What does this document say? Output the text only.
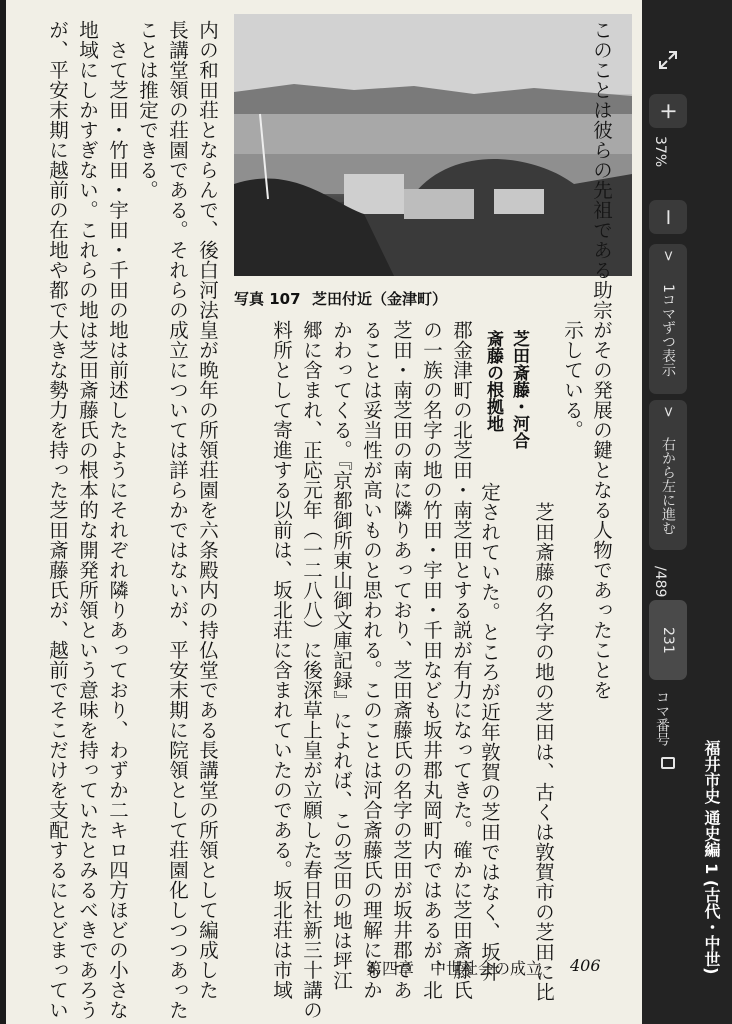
写真 107 芝田付近（金津町）	このことは彼らの先祖である助宗がその発展の鍵となる人物であったことを
示している。
芝田斎藤・河合
斎藤の根拠地
　芝田斎藤の名字の地の芝田は、古くは敦賀市の芝田に比
定されていた。ところが近年敦賀の芝田ではなく、坂井
郡金津町の北芝田・南芝田とする説が有力になってきた。確かに芝田斎藤氏
の一族の名字の地の竹田・宇田・千田なども坂井郡丸岡町内ではあるが、北
芝田・南芝田の南に隣りあっており、芝田斎藤氏の名字の芝田が坂井郡であ
ることは妥当性が高いものと思われる。このことは河合斎藤氏の理解にもか
かわってくる。『京都御所東山御文庫記録』によれば、この芝田の地は坪江
郷に含まれ、正応元年（一二八八）に後深草上皇が立願した春日社新三十講の
料所として寄進する以前は、坂北荘に含まれていたのである。坂北荘は市域
内の和田荘とならんで、後白河法皇が晩年の所領荘園を六条殿内の持仏堂である長講堂の所領として編成した
長講堂領の荘園である。それらの成立については詳らかではないが、平安末期に院領として荘園化しつつあった
ことは推定できる。
　さて芝田・竹田・宇田・千田の地は前述したようにそれぞれ隣りあっており、わずか二キロ四方ほどの小さな
地域にしかすぎない。これらの地は芝田斎藤氏の根本的な開発所領という意味を持っていたとみるべきであろう
が、平安末期に越前の在地や都で大きな勢力を持った芝田斎藤氏が、越前でそこだけを支配するにとどまってい	第四章　中世社会の成立 406
+
37%
−
>
1コマずつ表示
>
右から左に進む
/489
231
コマ番号
福井市史 通史編 1 (古代・中世)
